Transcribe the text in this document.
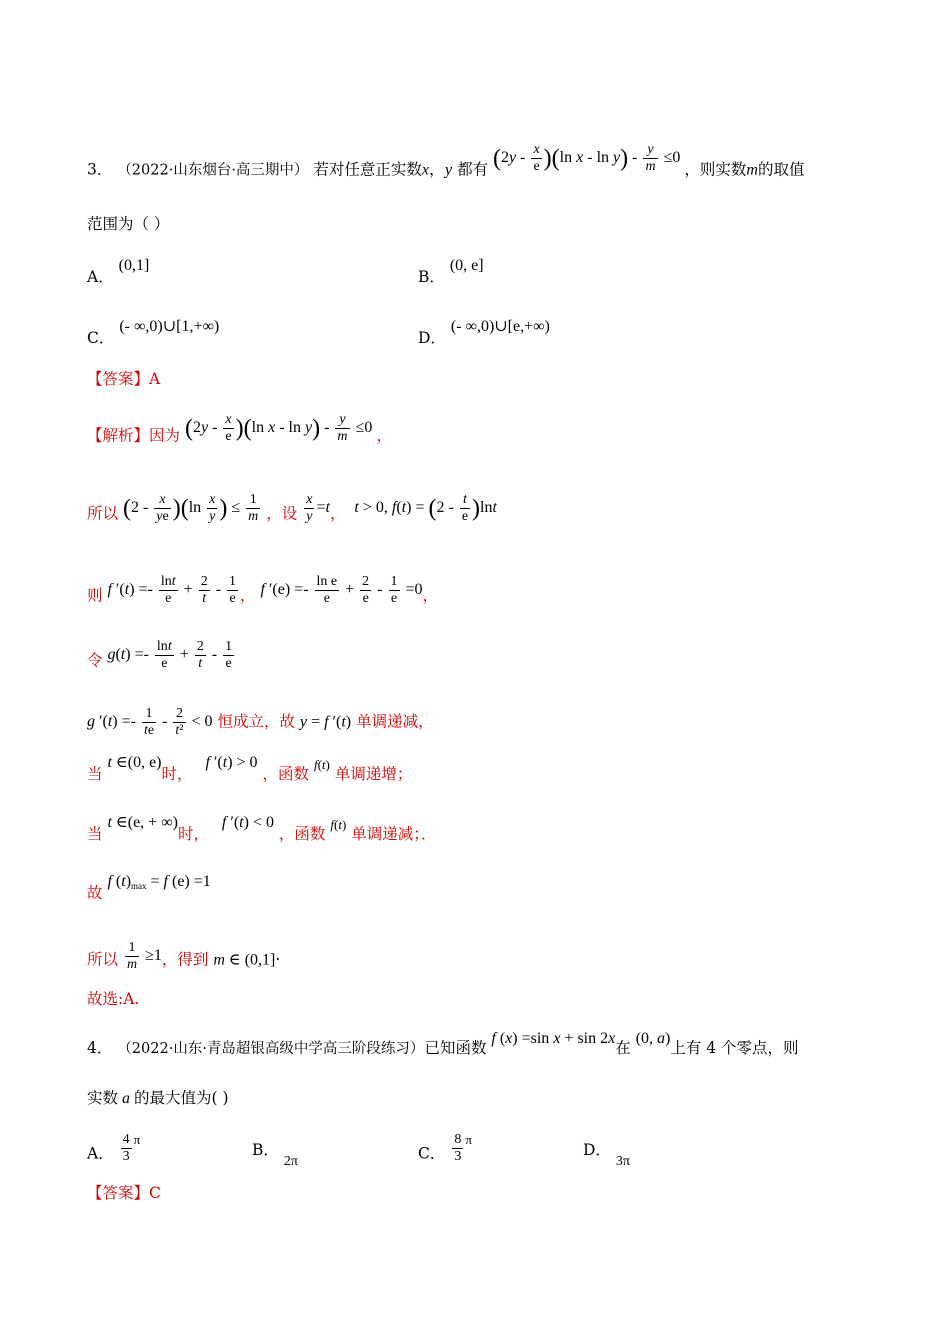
3． （2022·山东烟台·高三期中） 若对任意正实数x，y 都有 $(2y - \frac{x}{e} )(\ln$ $x - \ln y) - \frac{y}{m} \le 0$ ，则实数m的取值
范围为（ ）
A． (0,1]
B． (0, e]
C． (- ∞,0)∪[1,+∞)
D． (- ∞,0)∪[e,+∞)
【答案】A
【解析】因为 $(2y - \frac{x}{e} )(\ln$ $x - \ln y) - \frac{y}{m} \le 0$ ，
所以 $(2 - \frac{x}{ye} )(\ln \frac{x}{y}$ ) ≤ $\frac{1}{m}$ ，设 $\frac{x}{y} =t$， t > 0, $f(t) = (2 - \frac{t}{e} )\ln t$
则 f $'(t) =- \frac{\ln t}{e} + \frac{2}{t} - \frac{1}{e}$ ， f $'(e) =- \frac{\text{ln e}}{e} + \frac{2}{e} - \frac{1}{e} =0$，
令 $g(t) =- \frac{\ln t}{e} + \frac{2}{t} - \frac{1}{e}$
g $'(t) =- \frac{1}{te} - \frac{2}{\text{t²}} < 0$ 恒成立，故 y = f ′(t) 单调递减，
当 t ∈(0, e)时，   f ′(t) > 0 ，函数 $^{f(t)}$ 单调递增；
当 t ∈(e, + ∞)时，   f ′(t) < 0 ，函数 $^{f(t)}$ 单调递减；．
故 f $(t)_{max} = f$ (e) =1
所以 $\frac{1}{m} \ge 1$，得到 m ∈ (0,1]·
故选:A.
4． （2022·山东·青岛超银高级中学高三阶段练习）已知函数 f (x) =sin x + sin 2x在 (0, a)上有 4 个零点，则
实数 a 的最大值为( )
A． $\frac{4}{3} ^\pi$
B． 2π	C． $\frac{8}{3} ^\pi$
D． 3π
【答案】C
